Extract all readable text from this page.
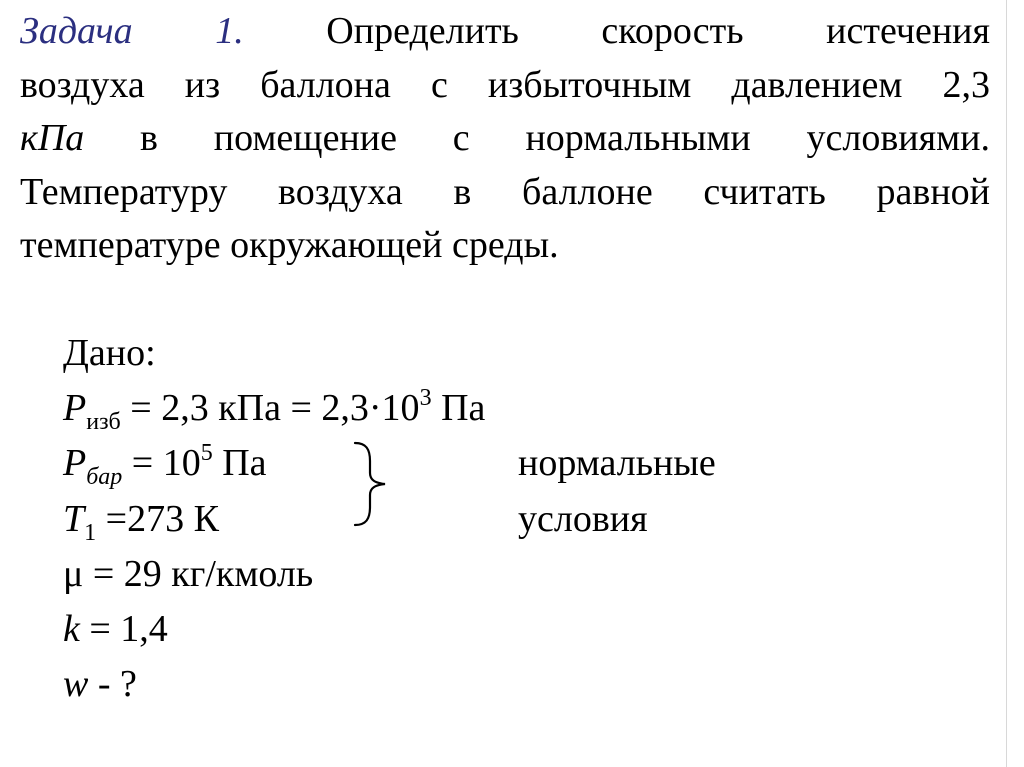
Задача 1. Определить скорость истечения
воздуха из баллона с избыточным давлением 2,3
кПа в помещение с нормальными условиями.
Температуру воздуха в баллоне считать равной
температуре окружающей среды.
Дано:
$P_{изб} = 2,3$ кПа = $2,3\cdot 10^3$ Па
$P_{бар} = 10^5$ Па	нормальные
$T_1 =273$ К	условия
μ = 29 кг/кмоль
k = 1,4
w - ?
